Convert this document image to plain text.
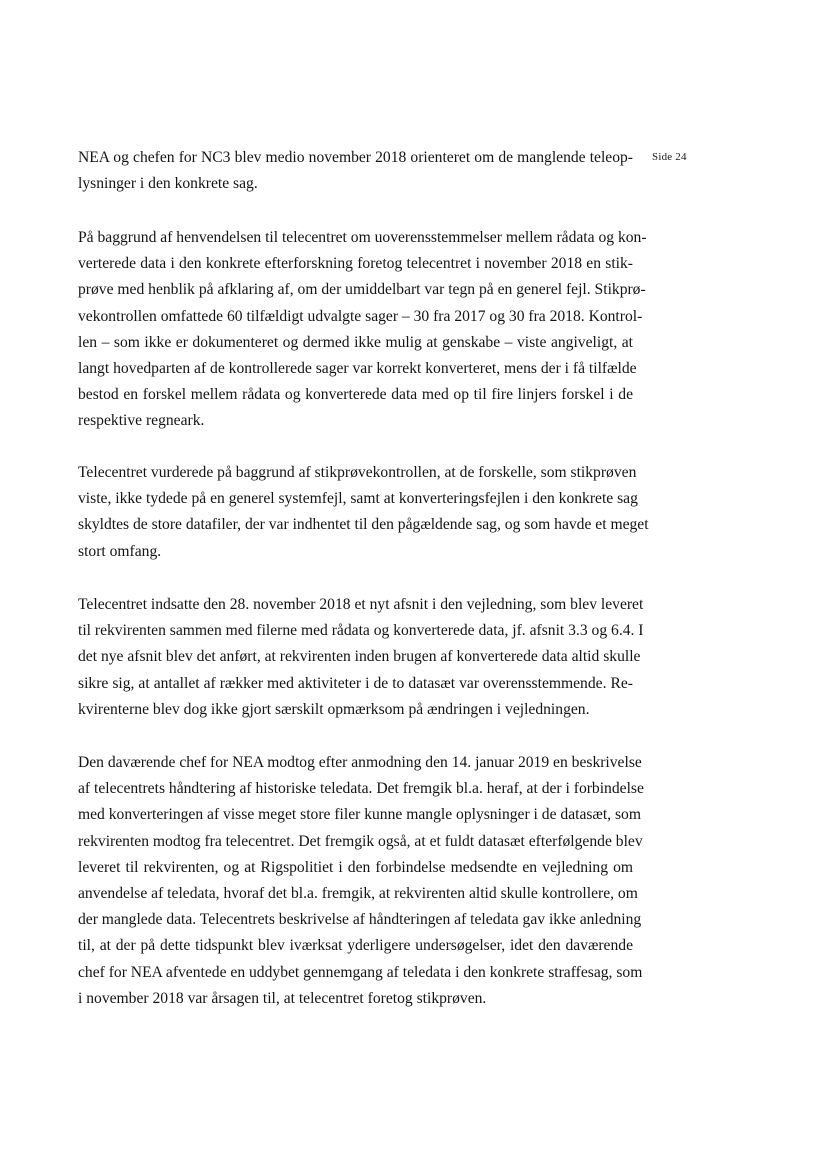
Side 24
NEA og chefen for NC3 blev medio november 2018 orienteret om de manglende teleop-
lysninger i den konkrete sag.
På baggrund af henvendelsen til telecentret om uoverensstemmelser mellem rådata og kon-
verterede data i den konkrete efterforskning foretog telecentret i november 2018 en stik-
prøve med henblik på afklaring af, om der umiddelbart var tegn på en generel fejl. Stikprø-
vekontrollen omfattede 60 tilfældigt udvalgte sager – 30 fra 2017 og 30 fra 2018. Kontrol-
len – som ikke er dokumenteret og dermed ikke mulig at genskabe – viste angiveligt, at
langt hovedparten af de kontrollerede sager var korrekt konverteret, mens der i få tilfælde
bestod en forskel mellem rådata og konverterede data med op til fire linjers forskel i de
respektive regneark.
Telecentret vurderede på baggrund af stikprøvekontrollen, at de forskelle, som stikprøven
viste, ikke tydede på en generel systemfejl, samt at konverteringsfejlen i den konkrete sag
skyldtes de store datafiler, der var indhentet til den pågældende sag, og som havde et meget
stort omfang.
Telecentret indsatte den 28. november 2018 et nyt afsnit i den vejledning, som blev leveret
til rekvirenten sammen med filerne med rådata og konverterede data, jf. afsnit 3.3 og 6.4. I
det nye afsnit blev det anført, at rekvirenten inden brugen af konverterede data altid skulle
sikre sig, at antallet af rækker med aktiviteter i de to datasæt var overensstemmende. Re-
kvirenterne blev dog ikke gjort særskilt opmærksom på ændringen i vejledningen.
Den daværende chef for NEA modtog efter anmodning den 14. januar 2019 en beskrivelse
af telecentrets håndtering af historiske teledata. Det fremgik bl.a. heraf, at der i forbindelse
med konverteringen af visse meget store filer kunne mangle oplysninger i de datasæt, som
rekvirenten modtog fra telecentret. Det fremgik også, at et fuldt datasæt efterfølgende blev
leveret til rekvirenten, og at Rigspolitiet i den forbindelse medsendte en vejledning om
anvendelse af teledata, hvoraf det bl.a. fremgik, at rekvirenten altid skulle kontrollere, om
der manglede data. Telecentrets beskrivelse af håndteringen af teledata gav ikke anledning
til, at der på dette tidspunkt blev iværksat yderligere undersøgelser, idet den daværende
chef for NEA afventede en uddybet gennemgang af teledata i den konkrete straffesag, som
i november 2018 var årsagen til, at telecentret foretog stikprøven.
